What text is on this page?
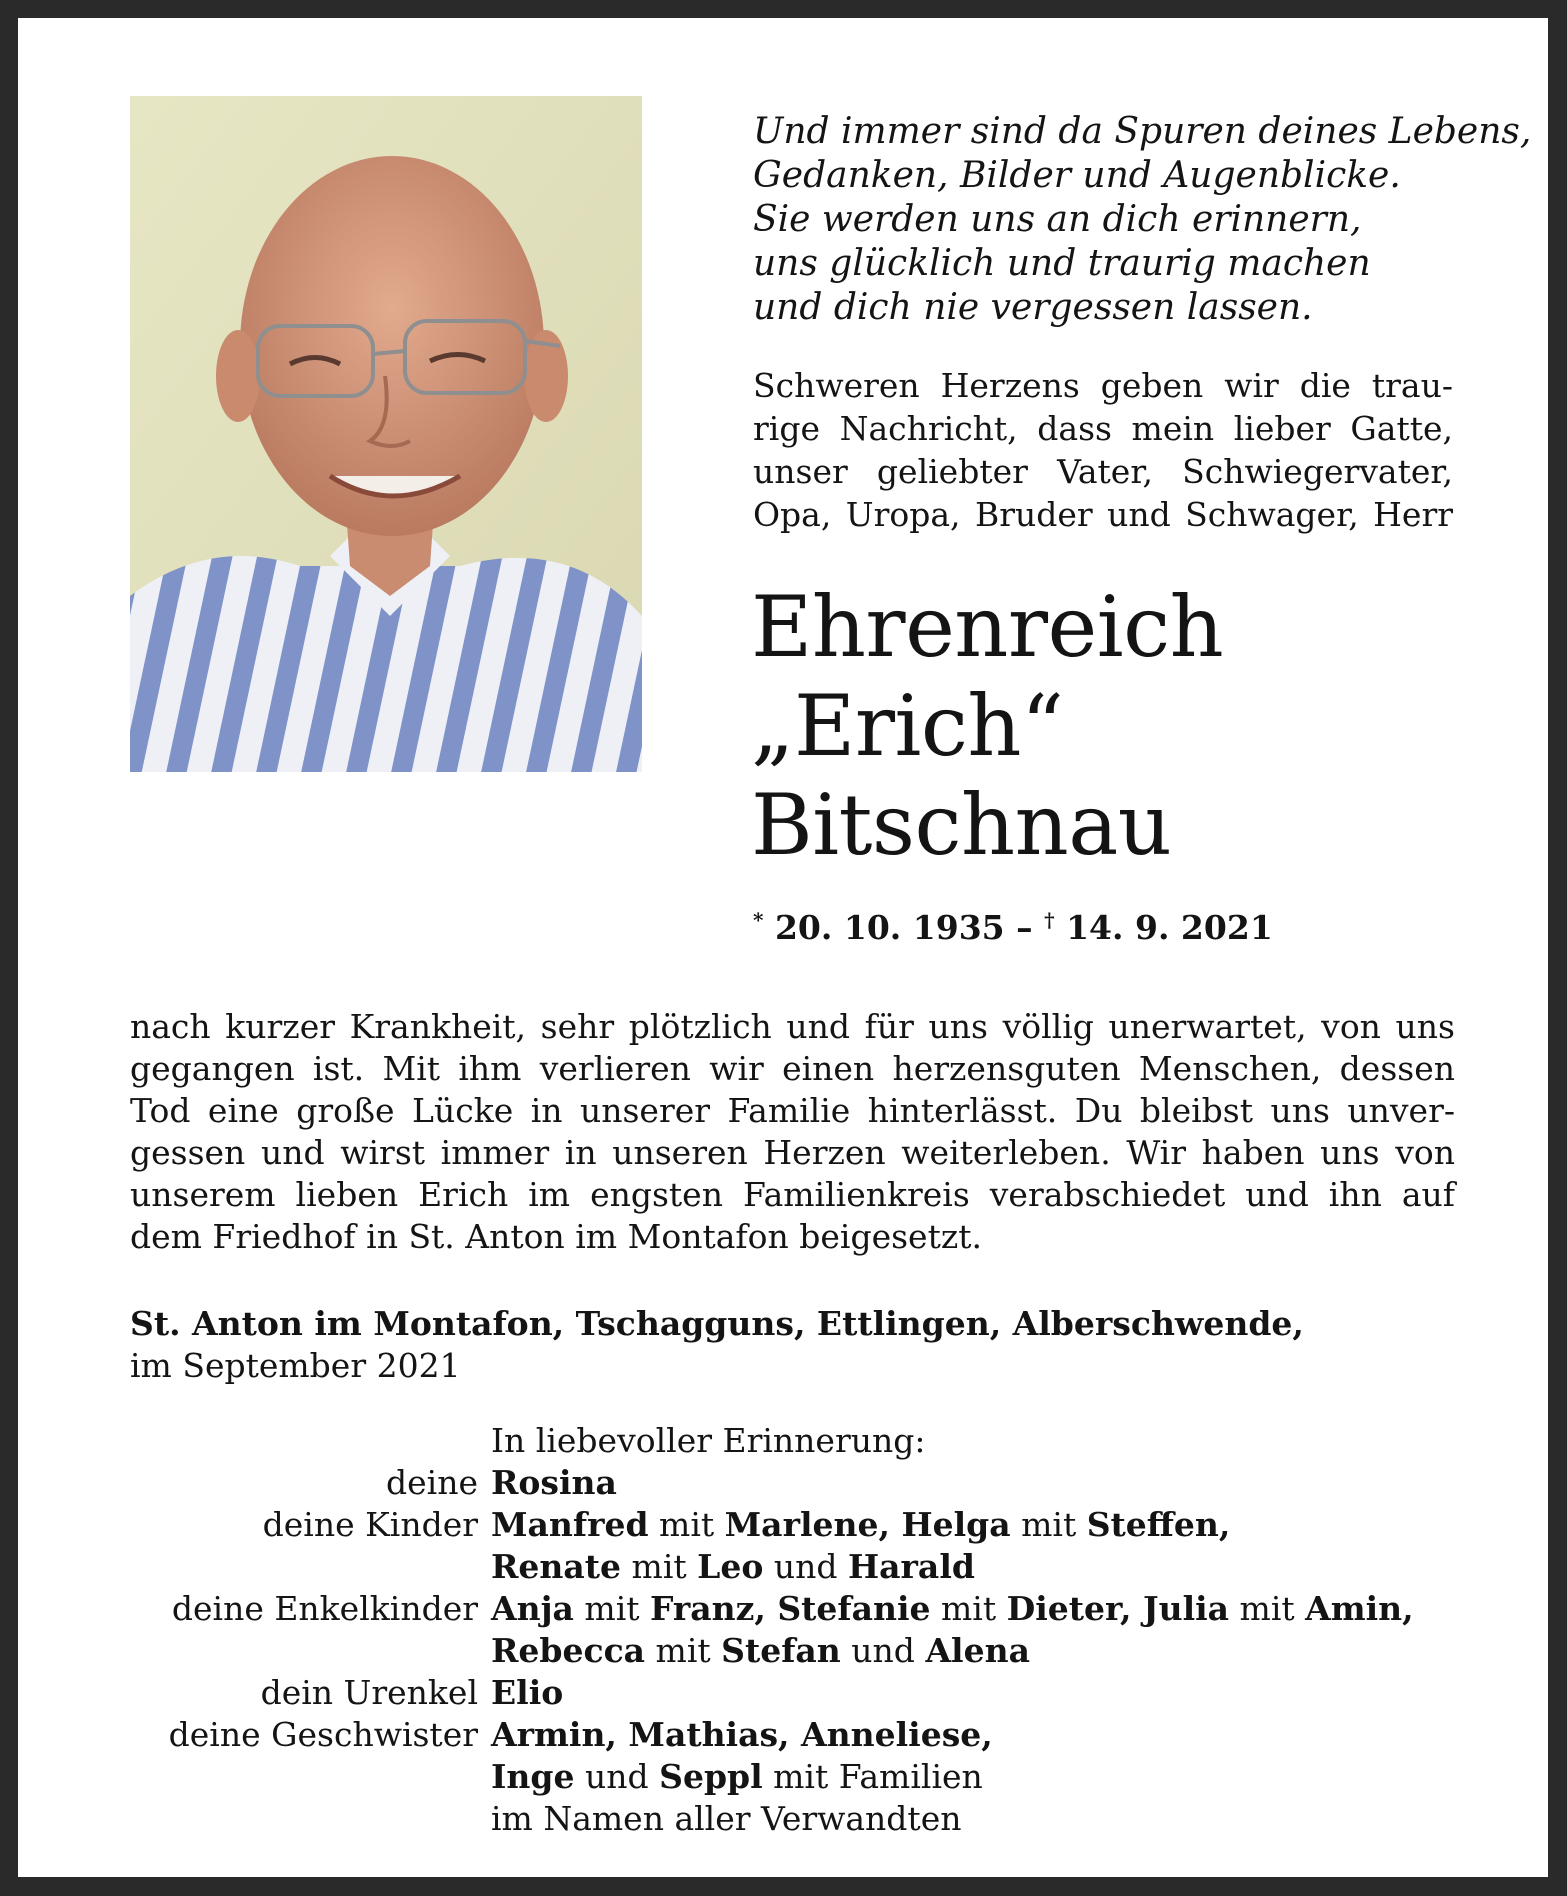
Und immer sind da Spuren deines Lebens,
Gedanken, Bilder und Augenblicke.
Sie werden uns an dich erinnern,
uns glücklich und traurig machen
und dich nie vergessen lassen.
Schweren Herzens geben wir die trau-
rige Nachricht, dass mein lieber Gatte,
unser geliebter Vater, Schwiegervater,
Opa, Uropa, Bruder und Schwager, Herr
Ehrenreich
„Erich“
Bitschnau
* 20. 10. 1935 – † 14. 9. 2021
nach kurzer Krankheit, sehr plötzlich und für uns völlig unerwartet, von uns
gegangen ist. Mit ihm verlieren wir einen herzensguten Menschen, dessen
Tod eine große Lücke in unserer Familie hinterlässt. Du bleibst uns unver-
gessen und wirst immer in unseren Herzen weiterleben. Wir haben uns von
unserem lieben Erich im engsten Familienkreis verabschiedet und ihn auf
dem Friedhof in St. Anton im Montafon beigesetzt.
St. Anton im Montafon, Tschagguns, Ettlingen, Alberschwende,
im September 2021
In liebevoller Erinnerung:
deine Rosina
deine Kinder Manfred mit Marlene, Helga mit Steffen,
Renate mit Leo und Harald
deine Enkelkinder Anja mit Franz, Stefanie mit Dieter, Julia mit Amin,
Rebecca mit Stefan und Alena
dein Urenkel Elio
deine Geschwister Armin, Mathias, Anneliese,
Inge und Seppl mit Familien
im Namen aller Verwandten
